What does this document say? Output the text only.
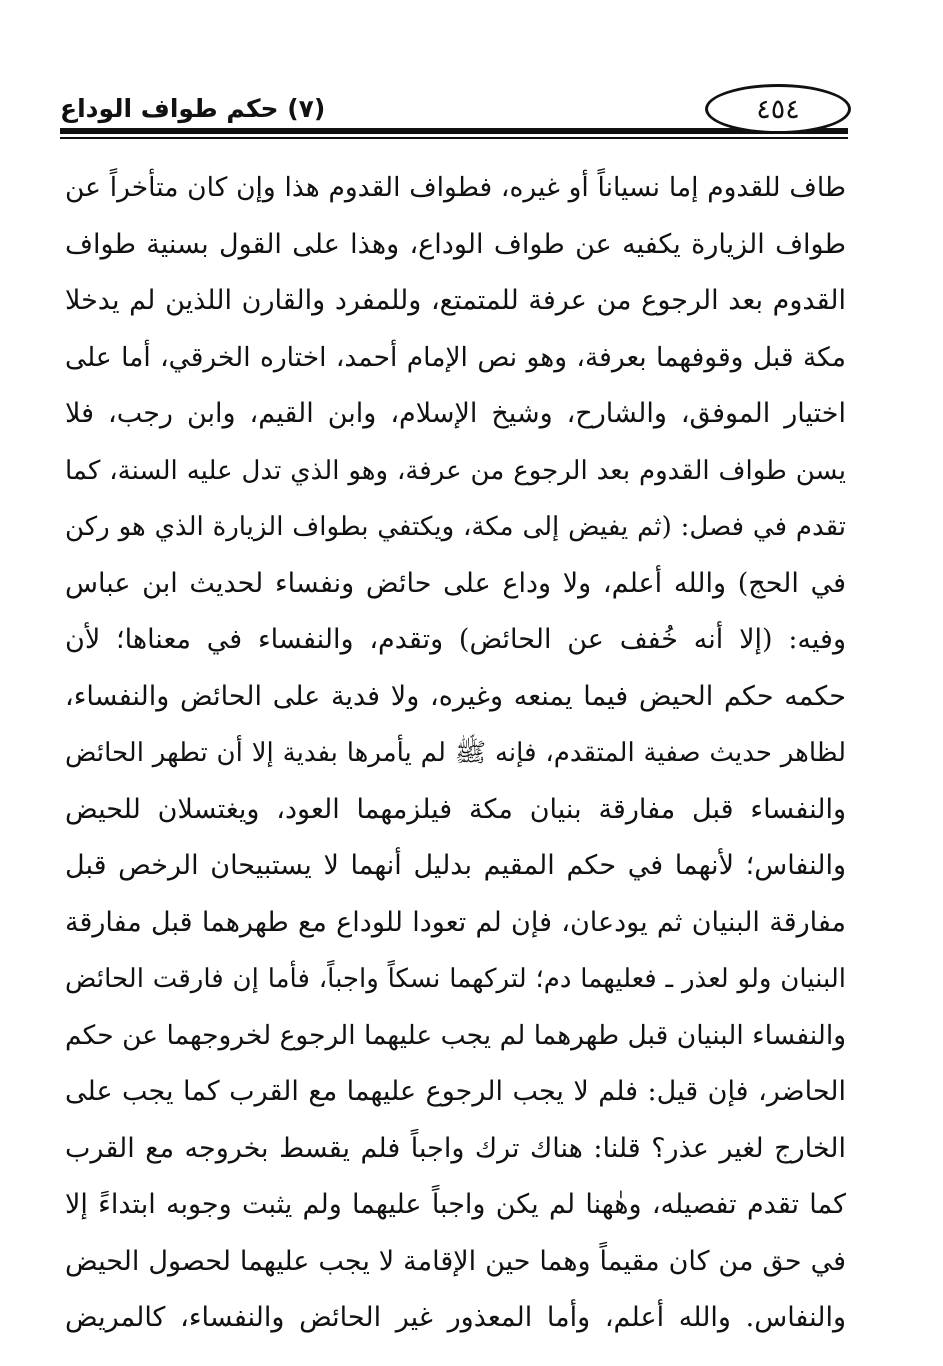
(٧) حكم طواف الوداع	٤٥٤
طاف للقدوم إما نسياناً أو غيره، فطواف القدوم هذا وإن كان متأخراً عن
طواف الزيارة يكفيه عن طواف الوداع، وهذا على القول بسنية طواف
القدوم بعد الرجوع من عرفة للمتمتع، وللمفرد والقارن اللذين لم يدخلا
مكة قبل وقوفهما بعرفة، وهو نص الإمام أحمد، اختاره الخرقي، أما على
اختيار الموفق، والشارح، وشيخ الإسلام، وابن القيم، وابن رجب، فلا
يسن طواف القدوم بعد الرجوع من عرفة، وهو الذي تدل عليه السنة، كما
تقدم في فصل: (ثم يفيض إلى مكة، ويكتفي بطواف الزيارة الذي هو ركن
في الحج) والله أعلم، ولا وداع على حائض ونفساء لحديث ابن عباس
وفيه: (إلا أنه خُفف عن الحائض) وتقدم، والنفساء في معناها؛ لأن
حكمه حكم الحيض فيما يمنعه وغيره، ولا فدية على الحائض والنفساء،
لظاهر حديث صفية المتقدم، فإنه ﷺ لم يأمرها بفدية إلا أن تطهر الحائض
والنفساء قبل مفارقة بنيان مكة فيلزمهما العود، ويغتسلان للحيض
والنفاس؛ لأنهما في حكم المقيم بدليل أنهما لا يستبيحان الرخص قبل
مفارقة البنيان ثم يودعان، فإن لم تعودا للوداع مع طهرهما قبل مفارقة
البنيان ولو لعذر ـ فعليهما دم؛ لتركهما نسكاً واجباً، فأما إن فارقت الحائض
والنفساء البنيان قبل طهرهما لم يجب عليهما الرجوع لخروجهما عن حكم
الحاضر، فإن قيل: فلم لا يجب الرجوع عليهما مع القرب كما يجب على
الخارج لغير عذر؟ قلنا: هناك ترك واجباً فلم يقسط بخروجه مع القرب
كما تقدم تفصيله، وهٰهنا لم يكن واجباً عليهما ولم يثبت وجوبه ابتداءً إلا
في حق من كان مقيماً وهما حين الإقامة لا يجب عليهما لحصول الحيض
والنفاس. والله أعلم، وأما المعذور غير الحائض والنفساء، كالمريض
